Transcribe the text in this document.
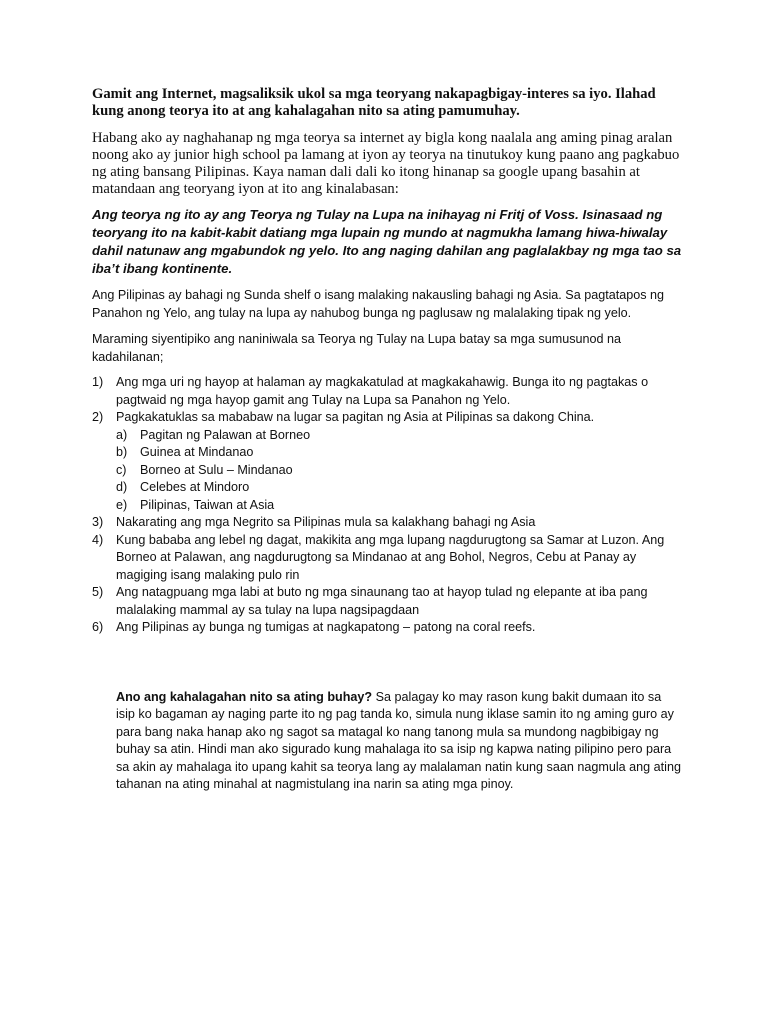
Gamit ang Internet, magsaliksik ukol sa mga teoryang nakapagbigay-interes sa iyo. Ilahad kung anong teorya ito at ang kahalagahan nito sa ating pamumuhay.

Habang ako ay naghahanap ng mga teorya sa internet ay bigla kong naalala ang aming pinag aralan noong ako ay junior high school pa lamang at iyon ay teorya na tinutukoy kung paano ang pagkabuo ng ating bansang Pilipinas. Kaya naman dali dali ko itong hinanap sa google upang basahin at matandaan ang teoryang iyon at ito ang kinalabasan:

Ang teorya ng ito ay ang Teorya ng Tulay na Lupa na inihayag ni Fritj of Voss. Isinasaad ng teoryang ito na kabit-kabit datiang mga lupain ng mundo at nagmukha lamang hiwa-hiwalay dahil natunaw ang mgabundok ng yelo. Ito ang naging dahilan ang paglalakbay ng mga tao sa iba’t ibang kontinente.

Ang Pilipinas ay bahagi ng Sunda shelf o isang malaking nakausling bahagi ng Asia. Sa pagtatapos ng Panahon ng Yelo, ang tulay na lupa ay nahubog bunga ng paglusaw ng malalaking tipak ng yelo.

Maraming siyentipiko ang naniniwala sa Teorya ng Tulay na Lupa batay sa mga sumusunod na kadahilanan;

1) Ang mga uri ng hayop at halaman ay magkakatulad at magkakahawig. Bunga ito ng pagtakas o pagtwaid ng mga hayop gamit ang Tulay na Lupa sa Panahon ng Yelo.
2) Pagkakatuklas sa mababaw na lugar sa pagitan ng Asia at Pilipinas sa dakong China.
a) Pagitan ng Palawan at Borneo
b) Guinea at Mindanao
c) Borneo at Sulu – Mindanao
d) Celebes at Mindoro
e) Pilipinas, Taiwan at Asia
3) Nakarating ang mga Negrito sa Pilipinas mula sa kalakhang bahagi ng Asia
4) Kung bababa ang lebel ng dagat, makikita ang mga lupang nagdurugtong sa Samar at Luzon. Ang Borneo at Palawan, ang nagdurugtong sa Mindanao at ang Bohol, Negros, Cebu at Panay ay magiging isang malaking pulo rin
5) Ang natagpuang mga labi at buto ng mga sinaunang tao at hayop tulad ng elepante at iba pang malalaking mammal ay sa tulay na lupa nagsipagdaan
6) Ang Pilipinas ay bunga ng tumigas at nagkapatong – patong na coral reefs.

Ano ang kahalagahan nito sa ating buhay? Sa palagay ko may rason kung bakit dumaan ito sa isip ko bagaman ay naging parte ito ng pag tanda ko, simula nung iklase samin ito ng aming guro ay para bang naka hanap ako ng sagot sa matagal ko nang tanong mula sa mundong nagbibigay ng buhay sa atin. Hindi man ako sigurado kung mahalaga ito sa isip ng kapwa nating pilipino pero para sa akin ay mahalaga ito upang kahit sa teorya lang ay malalaman natin kung saan nagmula ang ating tahanan na ating minahal at nagmistulang ina narin sa ating mga pinoy.
